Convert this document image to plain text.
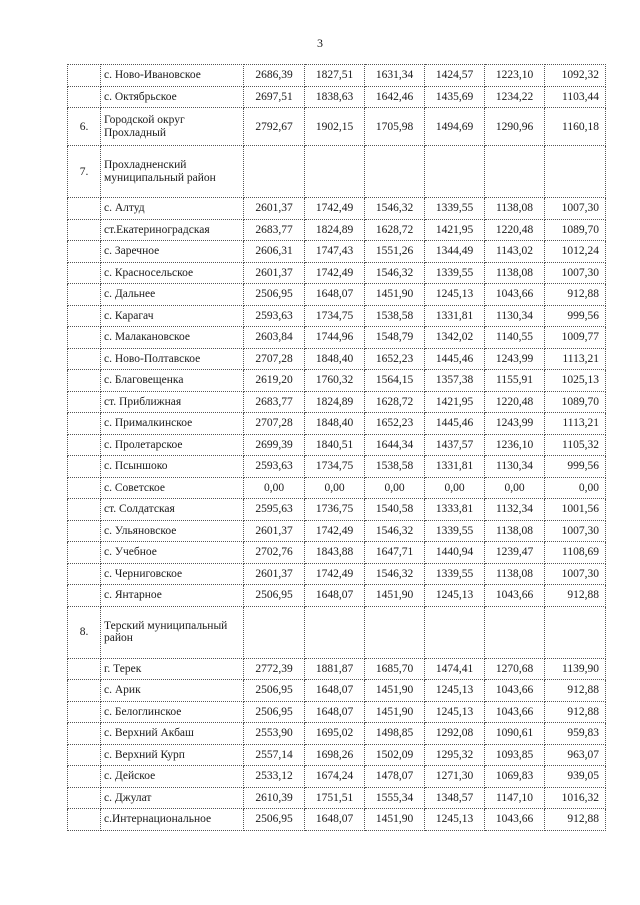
3
	с. Ново-Ивановское	2686,39	1827,51	1631,34	1424,57	1223,10	1092,32
	с. Октябрьское	2697,51	1838,63	1642,46	1435,69	1234,22	1103,44
6.	Городской округ Прохладный	2792,67	1902,15	1705,98	1494,69	1290,96	1160,18
7.	Прохладненский муниципальный район						
	с. Алтуд	2601,37	1742,49	1546,32	1339,55	1138,08	1007,30
	ст.Екатериноградская	2683,77	1824,89	1628,72	1421,95	1220,48	1089,70
	с. Заречное	2606,31	1747,43	1551,26	1344,49	1143,02	1012,24
	с. Красносельское	2601,37	1742,49	1546,32	1339,55	1138,08	1007,30
	с. Дальнее	2506,95	1648,07	1451,90	1245,13	1043,66	912,88
	с. Карагач	2593,63	1734,75	1538,58	1331,81	1130,34	999,56
	с. Малакановское	2603,84	1744,96	1548,79	1342,02	1140,55	1009,77
	с. Ново-Полтавское	2707,28	1848,40	1652,23	1445,46	1243,99	1113,21
	с. Благовещенка	2619,20	1760,32	1564,15	1357,38	1155,91	1025,13
	ст. Приближная	2683,77	1824,89	1628,72	1421,95	1220,48	1089,70
	с. Прималкинское	2707,28	1848,40	1652,23	1445,46	1243,99	1113,21
	с. Пролетарское	2699,39	1840,51	1644,34	1437,57	1236,10	1105,32
	с. Псыншоко	2593,63	1734,75	1538,58	1331,81	1130,34	999,56
	с. Советское	0,00	0,00	0,00	0,00	0,00	0,00
	ст. Солдатская	2595,63	1736,75	1540,58	1333,81	1132,34	1001,56
	с. Ульяновское	2601,37	1742,49	1546,32	1339,55	1138,08	1007,30
	с. Учебное	2702,76	1843,88	1647,71	1440,94	1239,47	1108,69
	с. Черниговское	2601,37	1742,49	1546,32	1339,55	1138,08	1007,30
	с. Янтарное	2506,95	1648,07	1451,90	1245,13	1043,66	912,88
8.	Терский муниципальный район						
	г. Терек	2772,39	1881,87	1685,70	1474,41	1270,68	1139,90
	с. Арик	2506,95	1648,07	1451,90	1245,13	1043,66	912,88
	с. Белоглинское	2506,95	1648,07	1451,90	1245,13	1043,66	912,88
	с. Верхний Акбаш	2553,90	1695,02	1498,85	1292,08	1090,61	959,83
	с. Верхний Курп	2557,14	1698,26	1502,09	1295,32	1093,85	963,07
	с. Дейское	2533,12	1674,24	1478,07	1271,30	1069,83	939,05
	с. Джулат	2610,39	1751,51	1555,34	1348,57	1147,10	1016,32
	с.Интернациональное	2506,95	1648,07	1451,90	1245,13	1043,66	912,88
